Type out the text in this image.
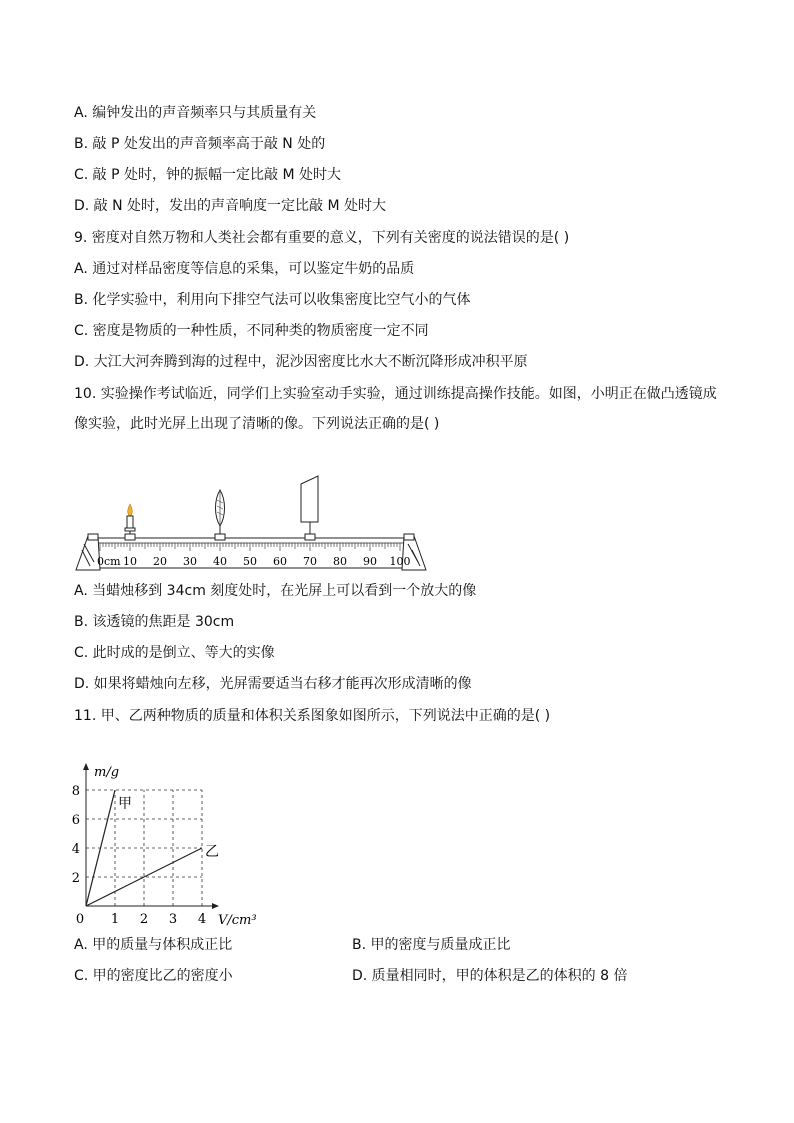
A. 编钟发出的声音频率只与其质量有关
B. 敲 P 处发出的声音频率高于敲 N 处的
C. 敲 P 处时，钟的振幅一定比敲 M 处时大
D. 敲 N 处时，发出的声音响度一定比敲 M 处时大
9. 密度对自然万物和人类社会都有重要的意义，下列有关密度的说法错误的是( )
A. 通过对样品密度等信息的采集，可以鉴定牛奶的品质
B. 化学实验中，利用向下排空气法可以收集密度比空气小的气体
C. 密度是物质的一种性质，不同种类的物质密度一定不同
D. 大江大河奔腾到海的过程中，泥沙因密度比水大不断沉降形成冲积平原
10. 实验操作考试临近，同学们上实验室动手实验，通过训练提高操作技能。如图，小明正在做凸透镜成
像实验，此时光屏上出现了清晰的像。下列说法正确的是( )
0cm 10 20 30 40 50 60 70 80 90 100
A. 当蜡烛移到 34cm 刻度处时，在光屏上可以看到一个放大的像
B. 该透镜的焦距是 30cm
C. 此时成的是倒立、等大的实像
D. 如果将蜡烛向左移，光屏需要适当右移才能再次形成清晰的像
11. 甲、乙两种物质的质量和体积关系图象如图所示，下列说法中正确的是( )
甲
乙
1 2 3 4
2
4
6
8
m/g
V/cm³
0
A. 甲的质量与体积成正比	B. 甲的密度与质量成正比
C. 甲的密度比乙的密度小	D. 质量相同时，甲的体积是乙的体积的 8 倍
